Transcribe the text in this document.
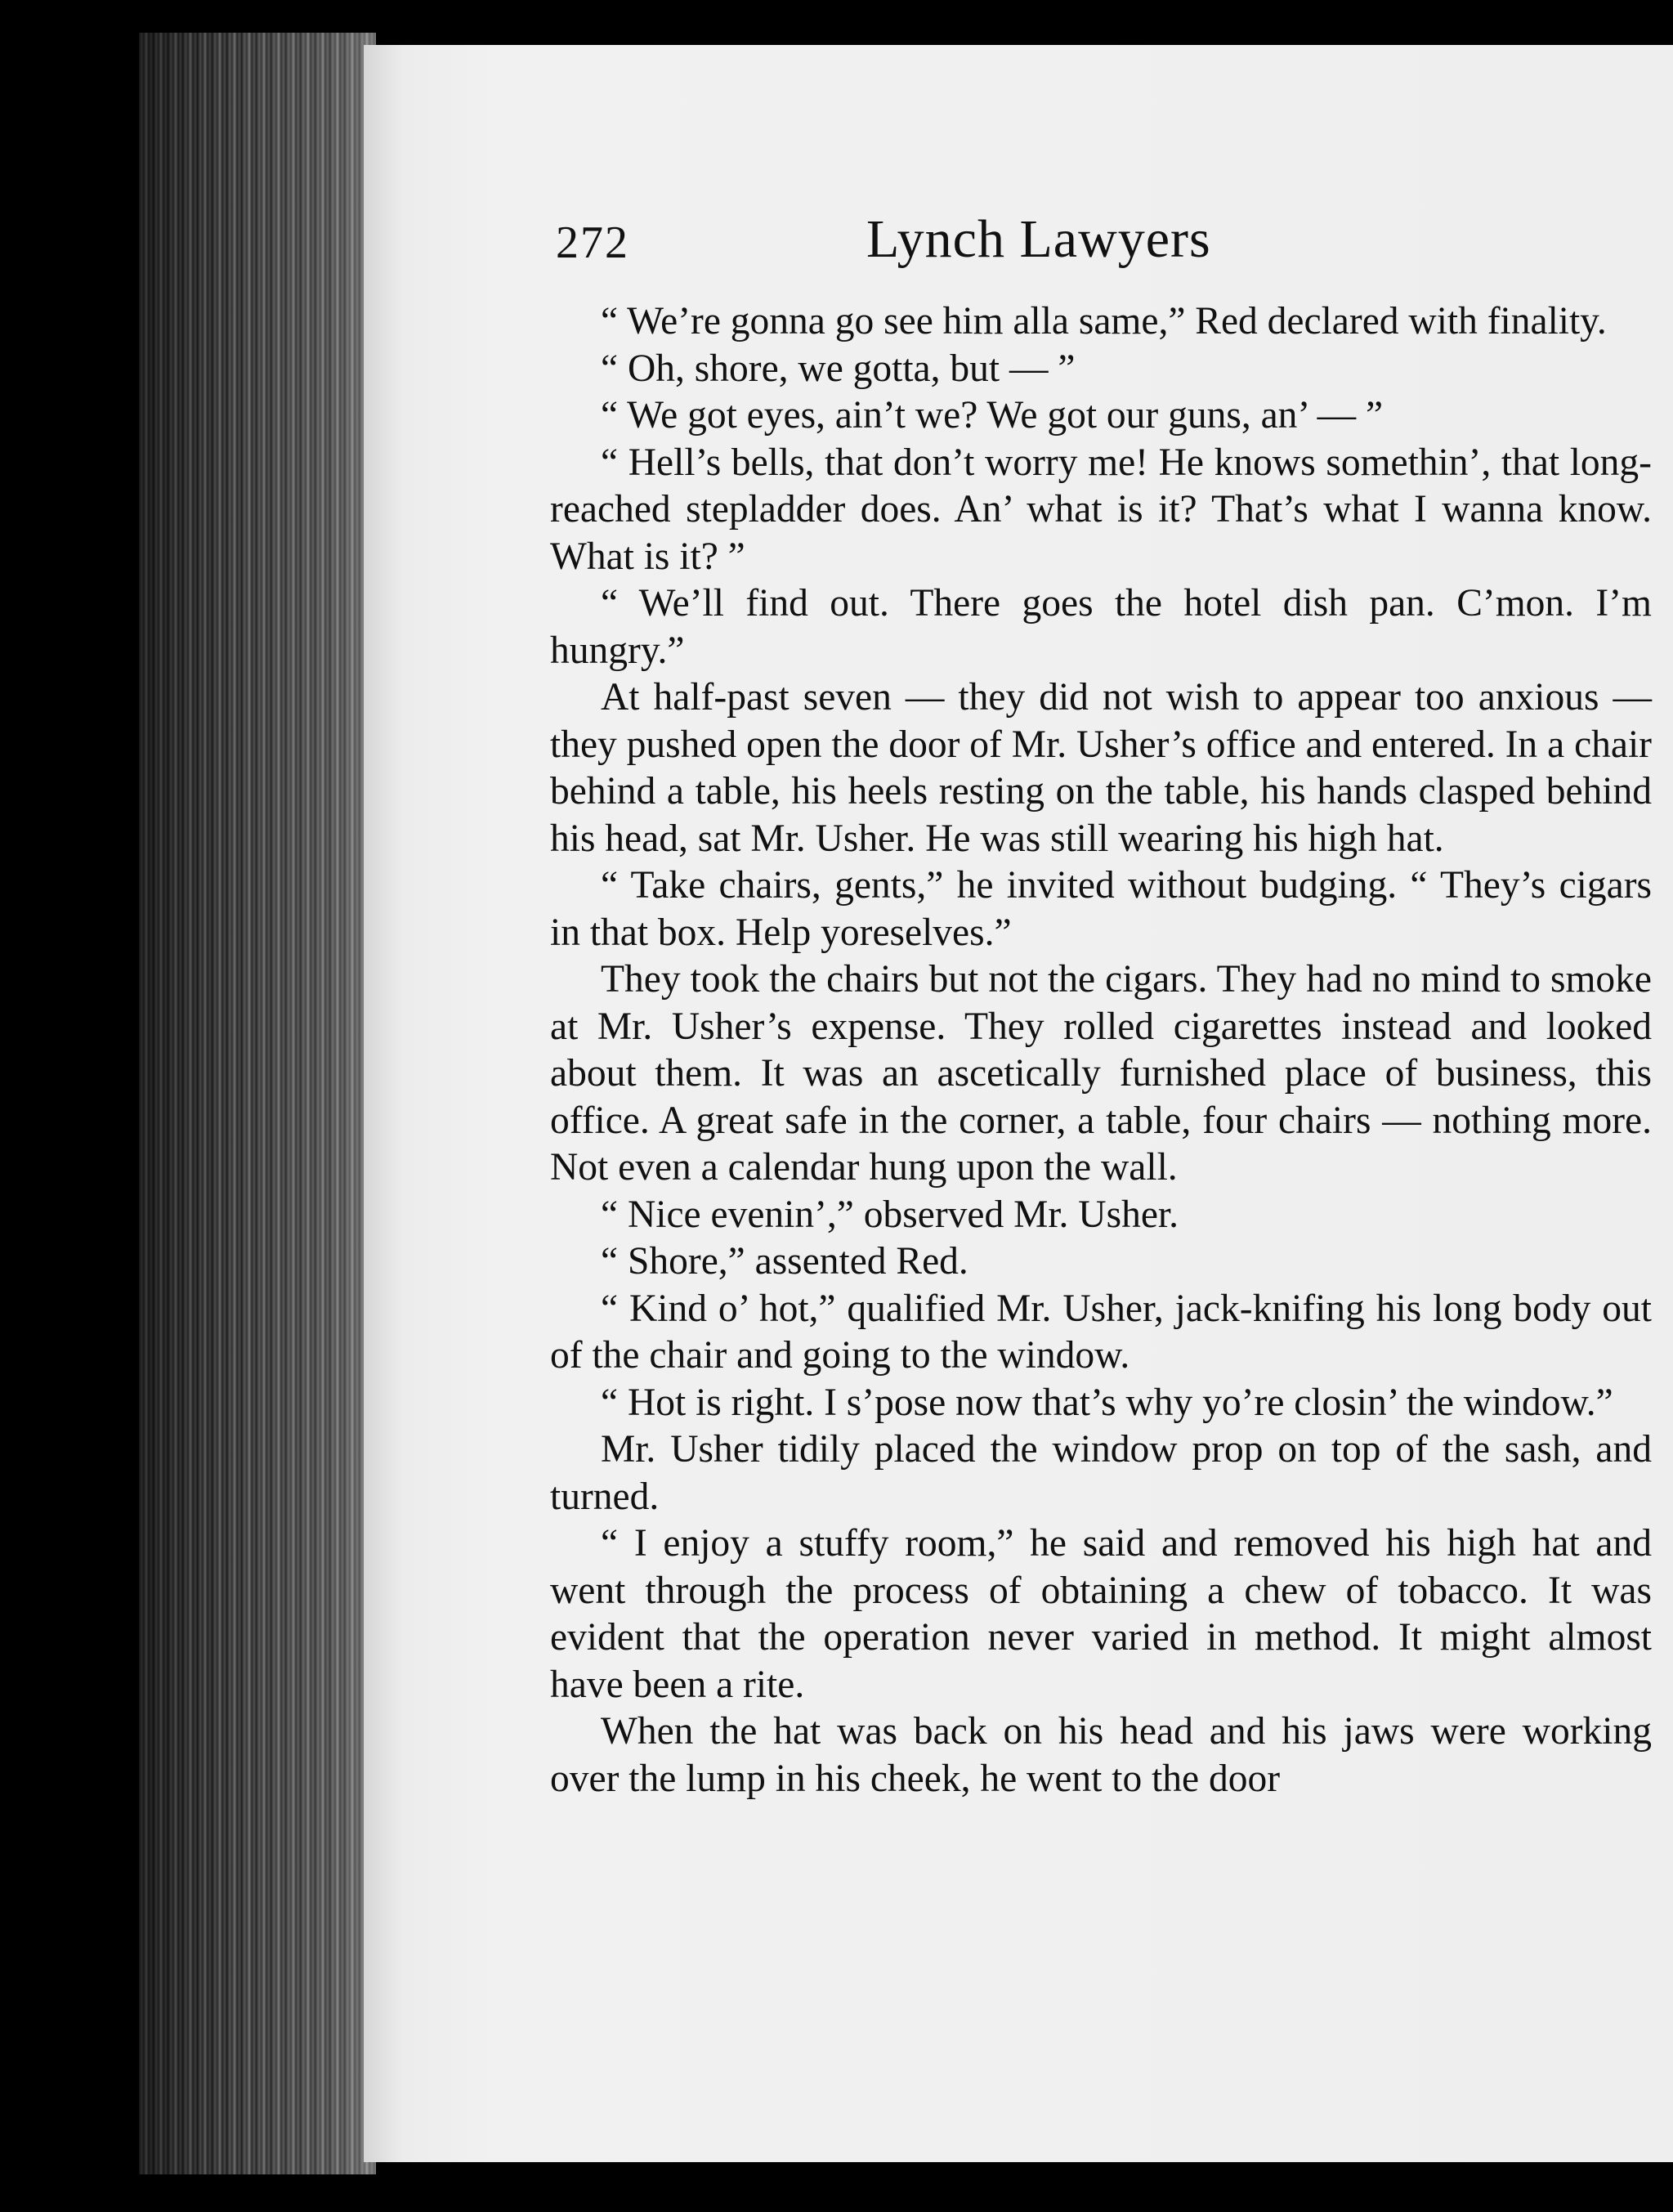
272	Lynch Lawyers

“ We’re gonna go see him alla same,” Red declared with finality.

“ Oh, shore, we gotta, but — ”

“ We got eyes, ain’t we? We got our guns, an’ — ”

“ Hell’s bells, that don’t worry me! He knows somethin’, that long-reached stepladder does. An’ what is it? That’s what I wanna know. What is it? ”

“ We’ll find out. There goes the hotel dish pan. C’mon. I’m hungry.”

At half-past seven — they did not wish to appear too anxious — they pushed open the door of Mr. Usher’s office and entered. In a chair behind a table, his heels resting on the table, his hands clasped behind his head, sat Mr. Usher. He was still wearing his high hat.

“ Take chairs, gents,” he invited without budging. “ They’s cigars in that box. Help yoreselves.”

They took the chairs but not the cigars. They had no mind to smoke at Mr. Usher’s expense. They rolled cigarettes instead and looked about them. It was an ascetically furnished place of business, this office. A great safe in the corner, a table, four chairs — nothing more. Not even a calendar hung upon the wall.

“ Nice evenin’,” observed Mr. Usher.

“ Shore,” assented Red.

“ Kind o’ hot,” qualified Mr. Usher, jack-knifing his long body out of the chair and going to the window.

“ Hot is right. I s’pose now that’s why yo’re closin’ the window.”

Mr. Usher tidily placed the window prop on top of the sash, and turned.

“ I enjoy a stuffy room,” he said and removed his high hat and went through the process of obtaining a chew of tobacco. It was evident that the operation never varied in method. It might almost have been a rite.

When the hat was back on his head and his jaws were working over the lump in his cheek, he went to the door
